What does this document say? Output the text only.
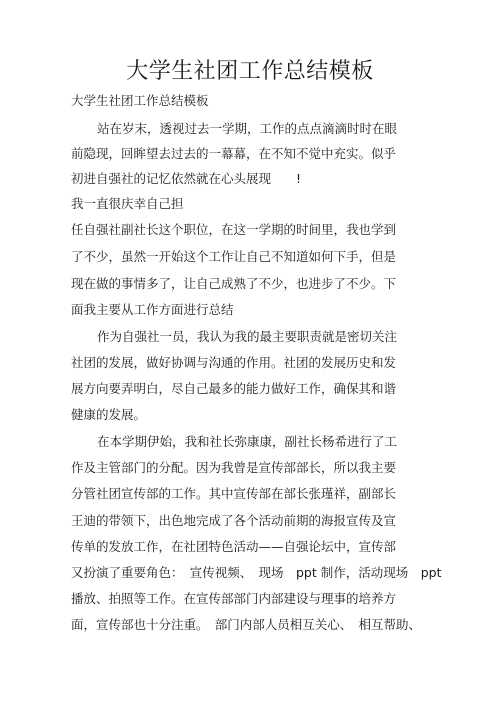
大学生社团工作总结模板

大学生社团工作总结模板

站在岁末，透视过去一学期，工作的点点滴滴时时在眼

前隐现，回眸望去过去的一幕幕，在不知不觉中充实。似乎

初进自强社的记忆依然就在心头展现　　!

我一直很庆幸自己担

任自强社副社长这个职位，在这一学期的时间里，我也学到

了不少，虽然一开始这个工作让自己不知道如何下手，但是

现在做的事情多了，让自己成熟了不少，也进步了不少。下

面我主要从工作方面进行总结

作为自强社一员，我认为我的最主要职责就是密切关注

社团的发展，做好协调与沟通的作用。社团的发展历史和发

展方向要弄明白，尽自己最多的能力做好工作，确保其和谐

健康的发展。

在本学期伊始，我和社长弥康康，副社长杨希进行了工

作及主管部门的分配。因为我曾是宣传部部长，所以我主要

分管社团宣传部的工作。其中宣传部在部长张瑾祥，副部长

王迪的带领下，出色地完成了各个活动前期的海报宣传及宣

传单的发放工作，在社团特色活动——自强论坛中，宣传部

又扮演了重要角色：　宣传视频、　现场　ppt 制作，活动现场　ppt

播放、拍照等工作。在宣传部部门内部建设与理事的培养方

面，宣传部也十分注重。　部门内部人员相互关心、　相互帮助、
